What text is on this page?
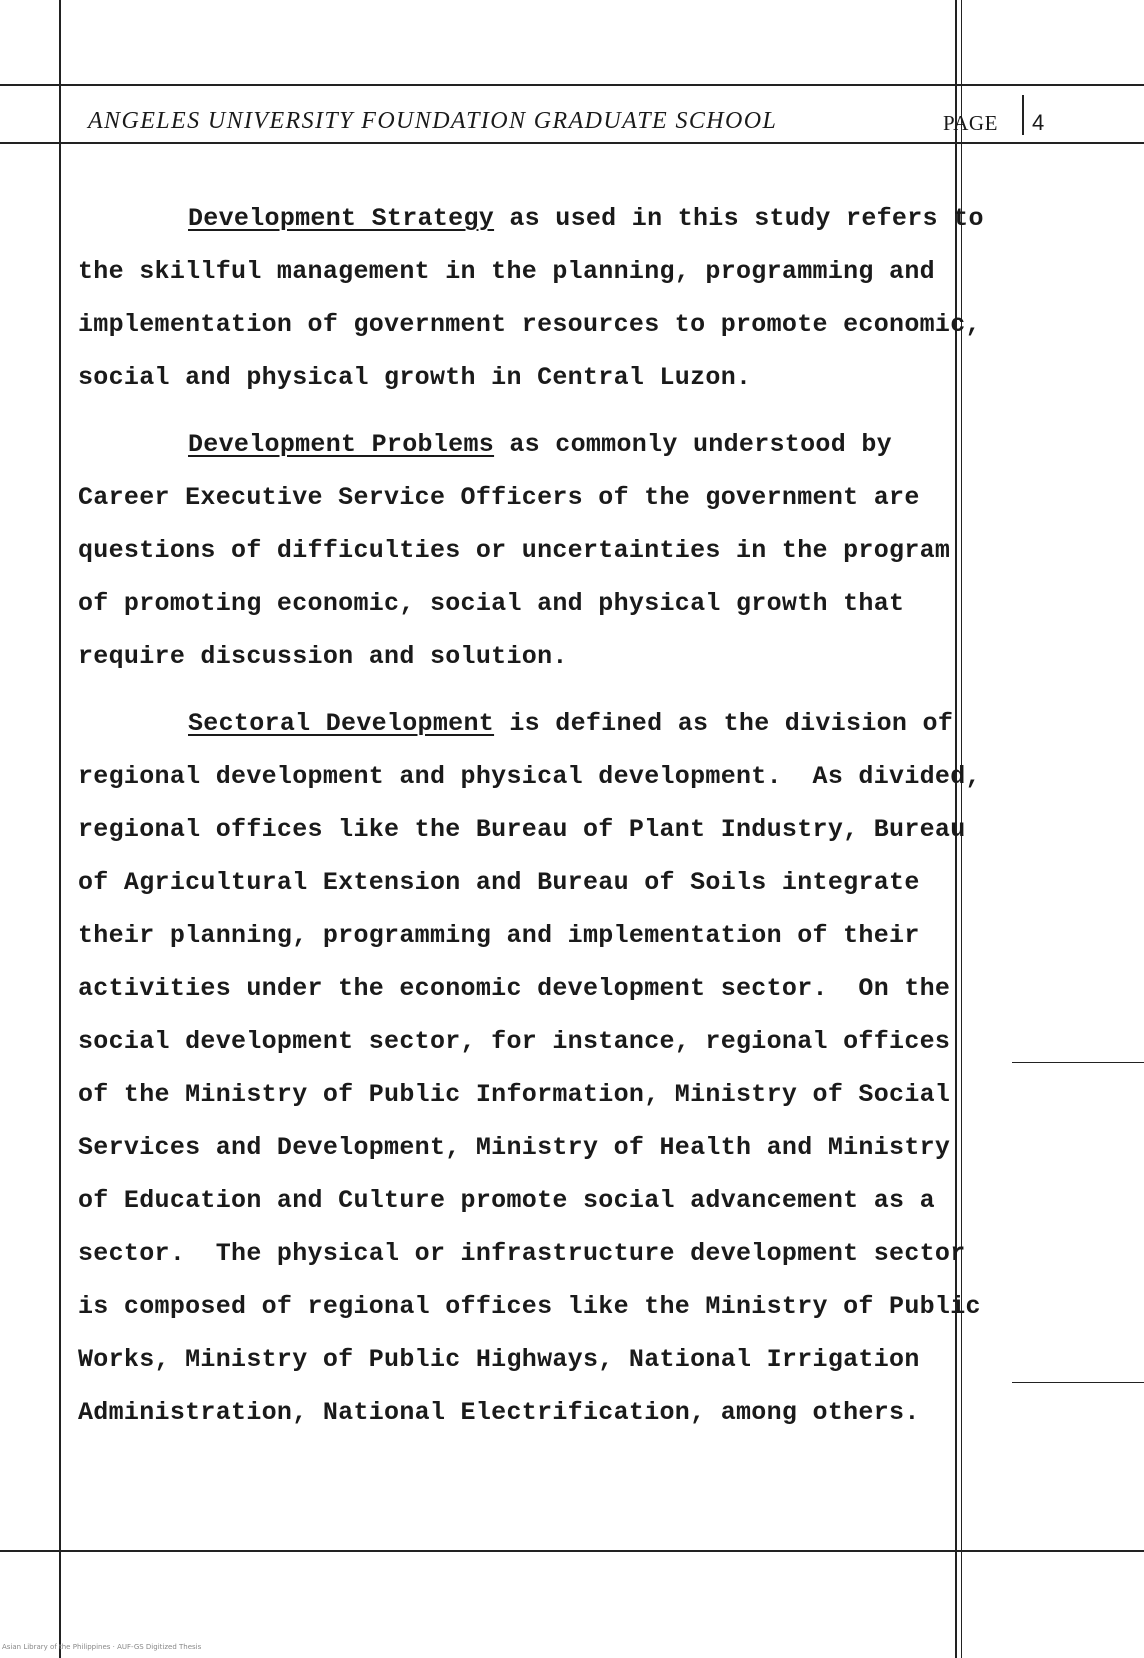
ANGELES UNIVERSITY FOUNDATION GRADUATE SCHOOL	PAGE 4
Development Strategy as used in this study refers to
the skillful management in the planning, programming and
implementation of government resources to promote economic,
social and physical growth in Central Luzon.
Development Problems as commonly understood by
Career Executive Service Officers of the government are
questions of difficulties or uncertainties in the program
of promoting economic, social and physical growth that
require discussion and solution.
Sectoral Development is defined as the division of
regional development and physical development.  As divided,
regional offices like the Bureau of Plant Industry, Bureau
of Agricultural Extension and Bureau of Soils integrate
their planning, programming and implementation of their
activities under the economic development sector.  On the
social development sector, for instance, regional offices
of the Ministry of Public Information, Ministry of Social
Services and Development, Ministry of Health and Ministry
of Education and Culture promote social advancement as a
sector.  The physical or infrastructure development sector
is composed of regional offices like the Ministry of Public
Works, Ministry of Public Highways, National Irrigation
Administration, National Electrification, among others.
Asian Library of the Philippines · AUF-GS Digitized Thesis
